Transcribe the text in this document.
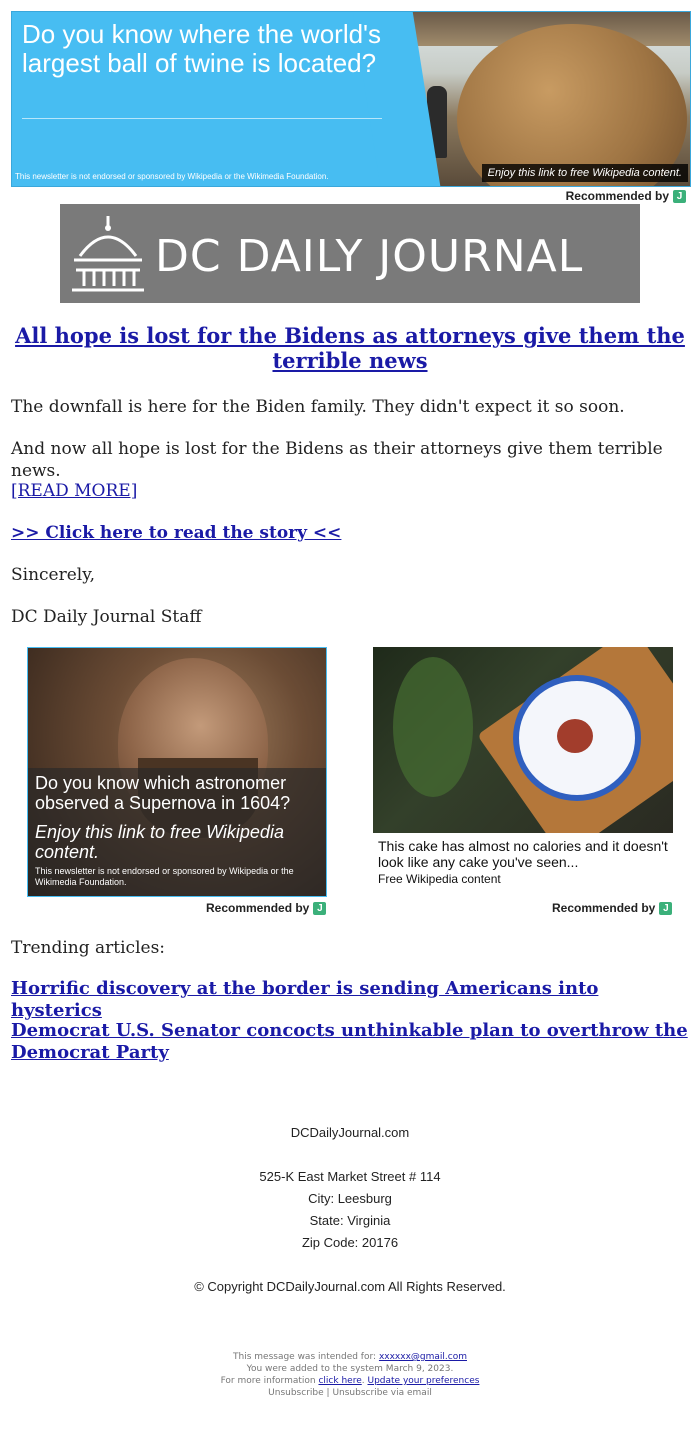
Do you know where the world's largest ball of twine is located?
This newsletter is not endorsed or sponsored by Wikipedia or the Wikimedia Foundation.	Enjoy this link to free Wikipedia content.
Recommended by J
DC DAILY JOURNAL
All hope is lost for the Bidens as attorneys give them the terrible news
The downfall is here for the Biden family. They didn't expect it so soon.
And now all hope is lost for the Bidens as their attorneys give them terrible news.
[READ MORE]
>> Click here to read the story <<
Sincerely,
DC Daily Journal Staff
Do you know which astronomer observed a Supernova in 1604?
Enjoy this link to free Wikipedia content.
This newsletter is not endorsed or sponsored by Wikipedia or the Wikimedia Foundation.
Recommended by J
This cake has almost no calories and it doesn't look like any cake you've seen...
Free Wikipedia content
Recommended by J
Trending articles:
Horrific discovery at the border is sending Americans into hysterics
Democrat U.S. Senator concocts unthinkable plan to overthrow the Democrat Party
DCDailyJournal.com
525-K East Market Street # 114
City: Leesburg
State: Virginia
Zip Code: 20176
© Copyright DCDailyJournal.com All Rights Reserved.
This message was intended for: xxxxxx@gmail.com
You were added to the system March 9, 2023.
For more information click here. Update your preferences
Unsubscribe | Unsubscribe via email
